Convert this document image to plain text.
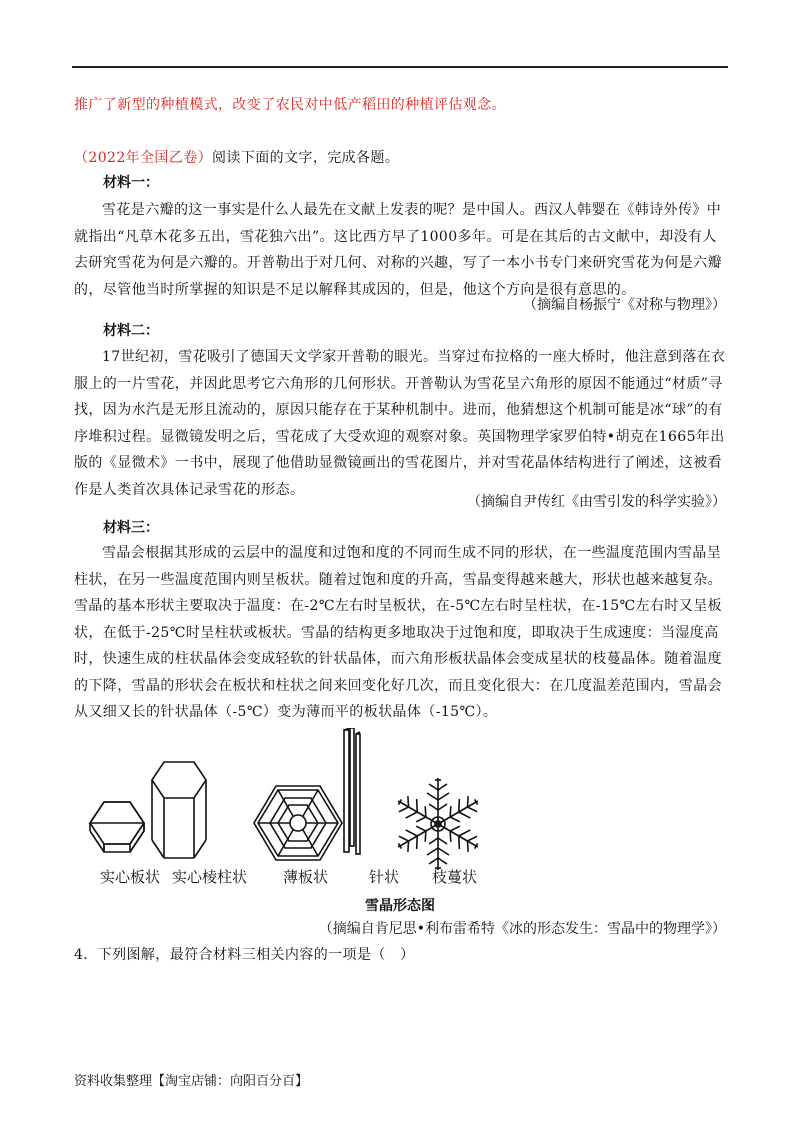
推广了新型的种植模式，改变了农民对中低产稻田的种植评估观念。

（2022年全国乙卷）阅读下面的文字，完成各题。

材料一：

雪花是六瓣的这一事实是什么人最先在文献上发表的呢？是中国人。西汉人韩婴在《韩诗外传》中就指出“凡草木花多五出，雪花独六出”。这比西方早了1000多年。可是在其后的古文献中，却没有人去研究雪花为何是六瓣的。开普勒出于对几何、对称的兴趣，写了一本小书专门来研究雪花为何是六瓣的，尽管他当时所掌握的知识是不足以解释其成因的，但是，他这个方向是很有意思的。

（摘编自杨振宁《对称与物理》）
材料二：

17世纪初，雪花吸引了德国天文学家开普勒的眼光。当穿过布拉格的一座大桥时，他注意到落在衣服上的一片雪花，并因此思考它六角形的几何形状。开普勒认为雪花呈六角形的原因不能通过“材质”寻找，因为水汽是无形且流动的，原因只能存在于某种机制中。进而，他猜想这个机制可能是冰“球”的有序堆积过程。显微镜发明之后，雪花成了大受欢迎的观察对象。英国物理学家罗伯特•胡克在1665年出版的《显微术》一书中，展现了他借助显微镜画出的雪花图片，并对雪花晶体结构进行了阐述，这被看作是人类首次具体记录雪花的形态。

（摘编自尹传红《由雪引发的科学实验》）
材料三：

雪晶会根据其形成的云层中的温度和过饱和度的不同而生成不同的形状，在一些温度范围内雪晶呈柱状，在另一些温度范围内则呈板状。随着过饱和度的升高，雪晶变得越来越大，形状也越来越复杂。雪晶的基本形状主要取决于温度：在-2℃左右时呈板状，在-5℃左右时呈柱状，在-15℃左右时又呈板状，在低于-25℃时呈柱状或板状。雪晶的结构更多地取决于过饱和度，即取决于生成速度：当湿度高时，快速生成的柱状晶体会变成轻软的针状晶体，而六角形板状晶体会变成星状的枝蔓晶体。随着温度的下降，雪晶的形状会在板状和柱状之间来回变化好几次，而且变化很大：在几度温差范围内，雪晶会从又细又长的针状晶体（-5℃）变为薄而平的板状晶体（-15℃）。

实心板状 实心棱柱状 薄板状	针状 枝蔓状
雪晶形态图
（摘编自肯尼思•利布雷希特《冰的形态发生：雪晶中的物理学》）

4．下列图解，最符合材料三相关内容的一项是（　）

资料收集整理【淘宝店铺：向阳百分百】
